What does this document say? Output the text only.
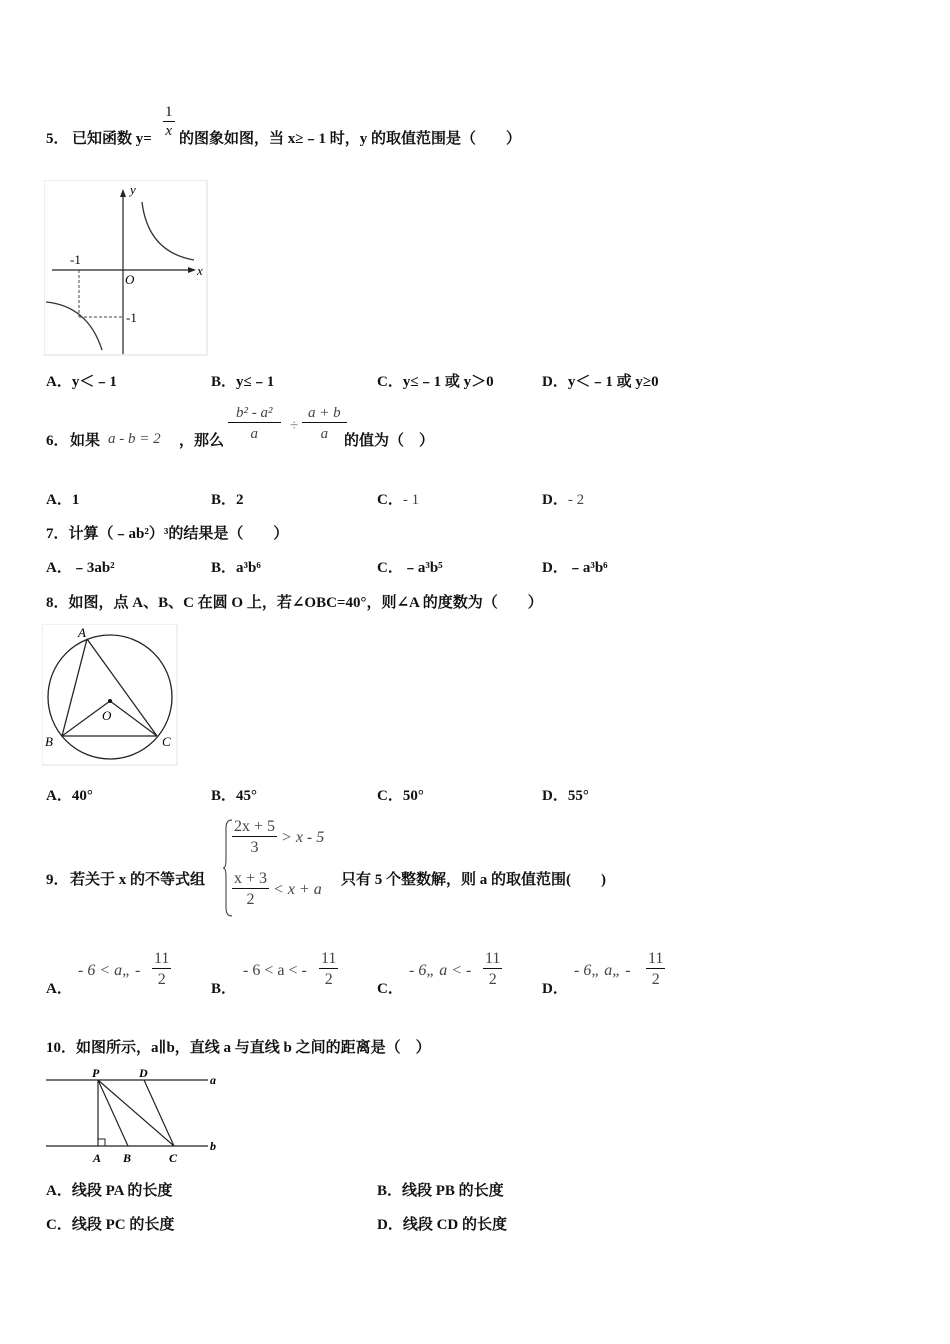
5． 已知函数 $y= \frac{1}{x}$ 的图象如图，当 x≥﹣1 时，y 的取值范围是（　　）
y
x
O
-1
-1
A．y＜﹣1	B．y≤﹣1	C．y≤﹣1 或 y＞0	D．y＜﹣1 或 y≥0
6． 如果 a - b = 2 ，那么 $\frac{\text{b² - a²}}{a} \div \frac{a + b}{a}$
的值为（　）
A．1	B．2	C．- 1	D．- 2
7．计算（﹣ab²）³的结果是（　　）
A．﹣3ab²	B．a³b⁶	C．﹣a³b⁵	D．﹣a³b⁶
8．如图，点 A、B、C 在圆 O 上，若∠OBC=40°，则∠A 的度数为（　　）
A
B	C
O
A．40°	B．45°	C．50°	D．55°
9． 若关于 x 的不等式组
$\frac{2x + 5}{3} > x - 5$
$\frac{x + 3}{2} < x + a$
只有 5 个整数解，则 a 的取值范围(　　)
A．
- 6 < a„ - $\frac{11}{2}$	B．
- 6 < a < - $\frac{11}{2}$	C．
- 6„ a < - $\frac{11}{2}$	D．
- 6„ a„ - $\frac{11}{2}$
10．如图所示，a∥b，直线 a 与直线 b 之间的距离是（　）
P	D	a
b
A B	C
A．线段 PA 的长度	B．线段 PB 的长度
C．线段 PC 的长度	D．线段 CD 的长度
